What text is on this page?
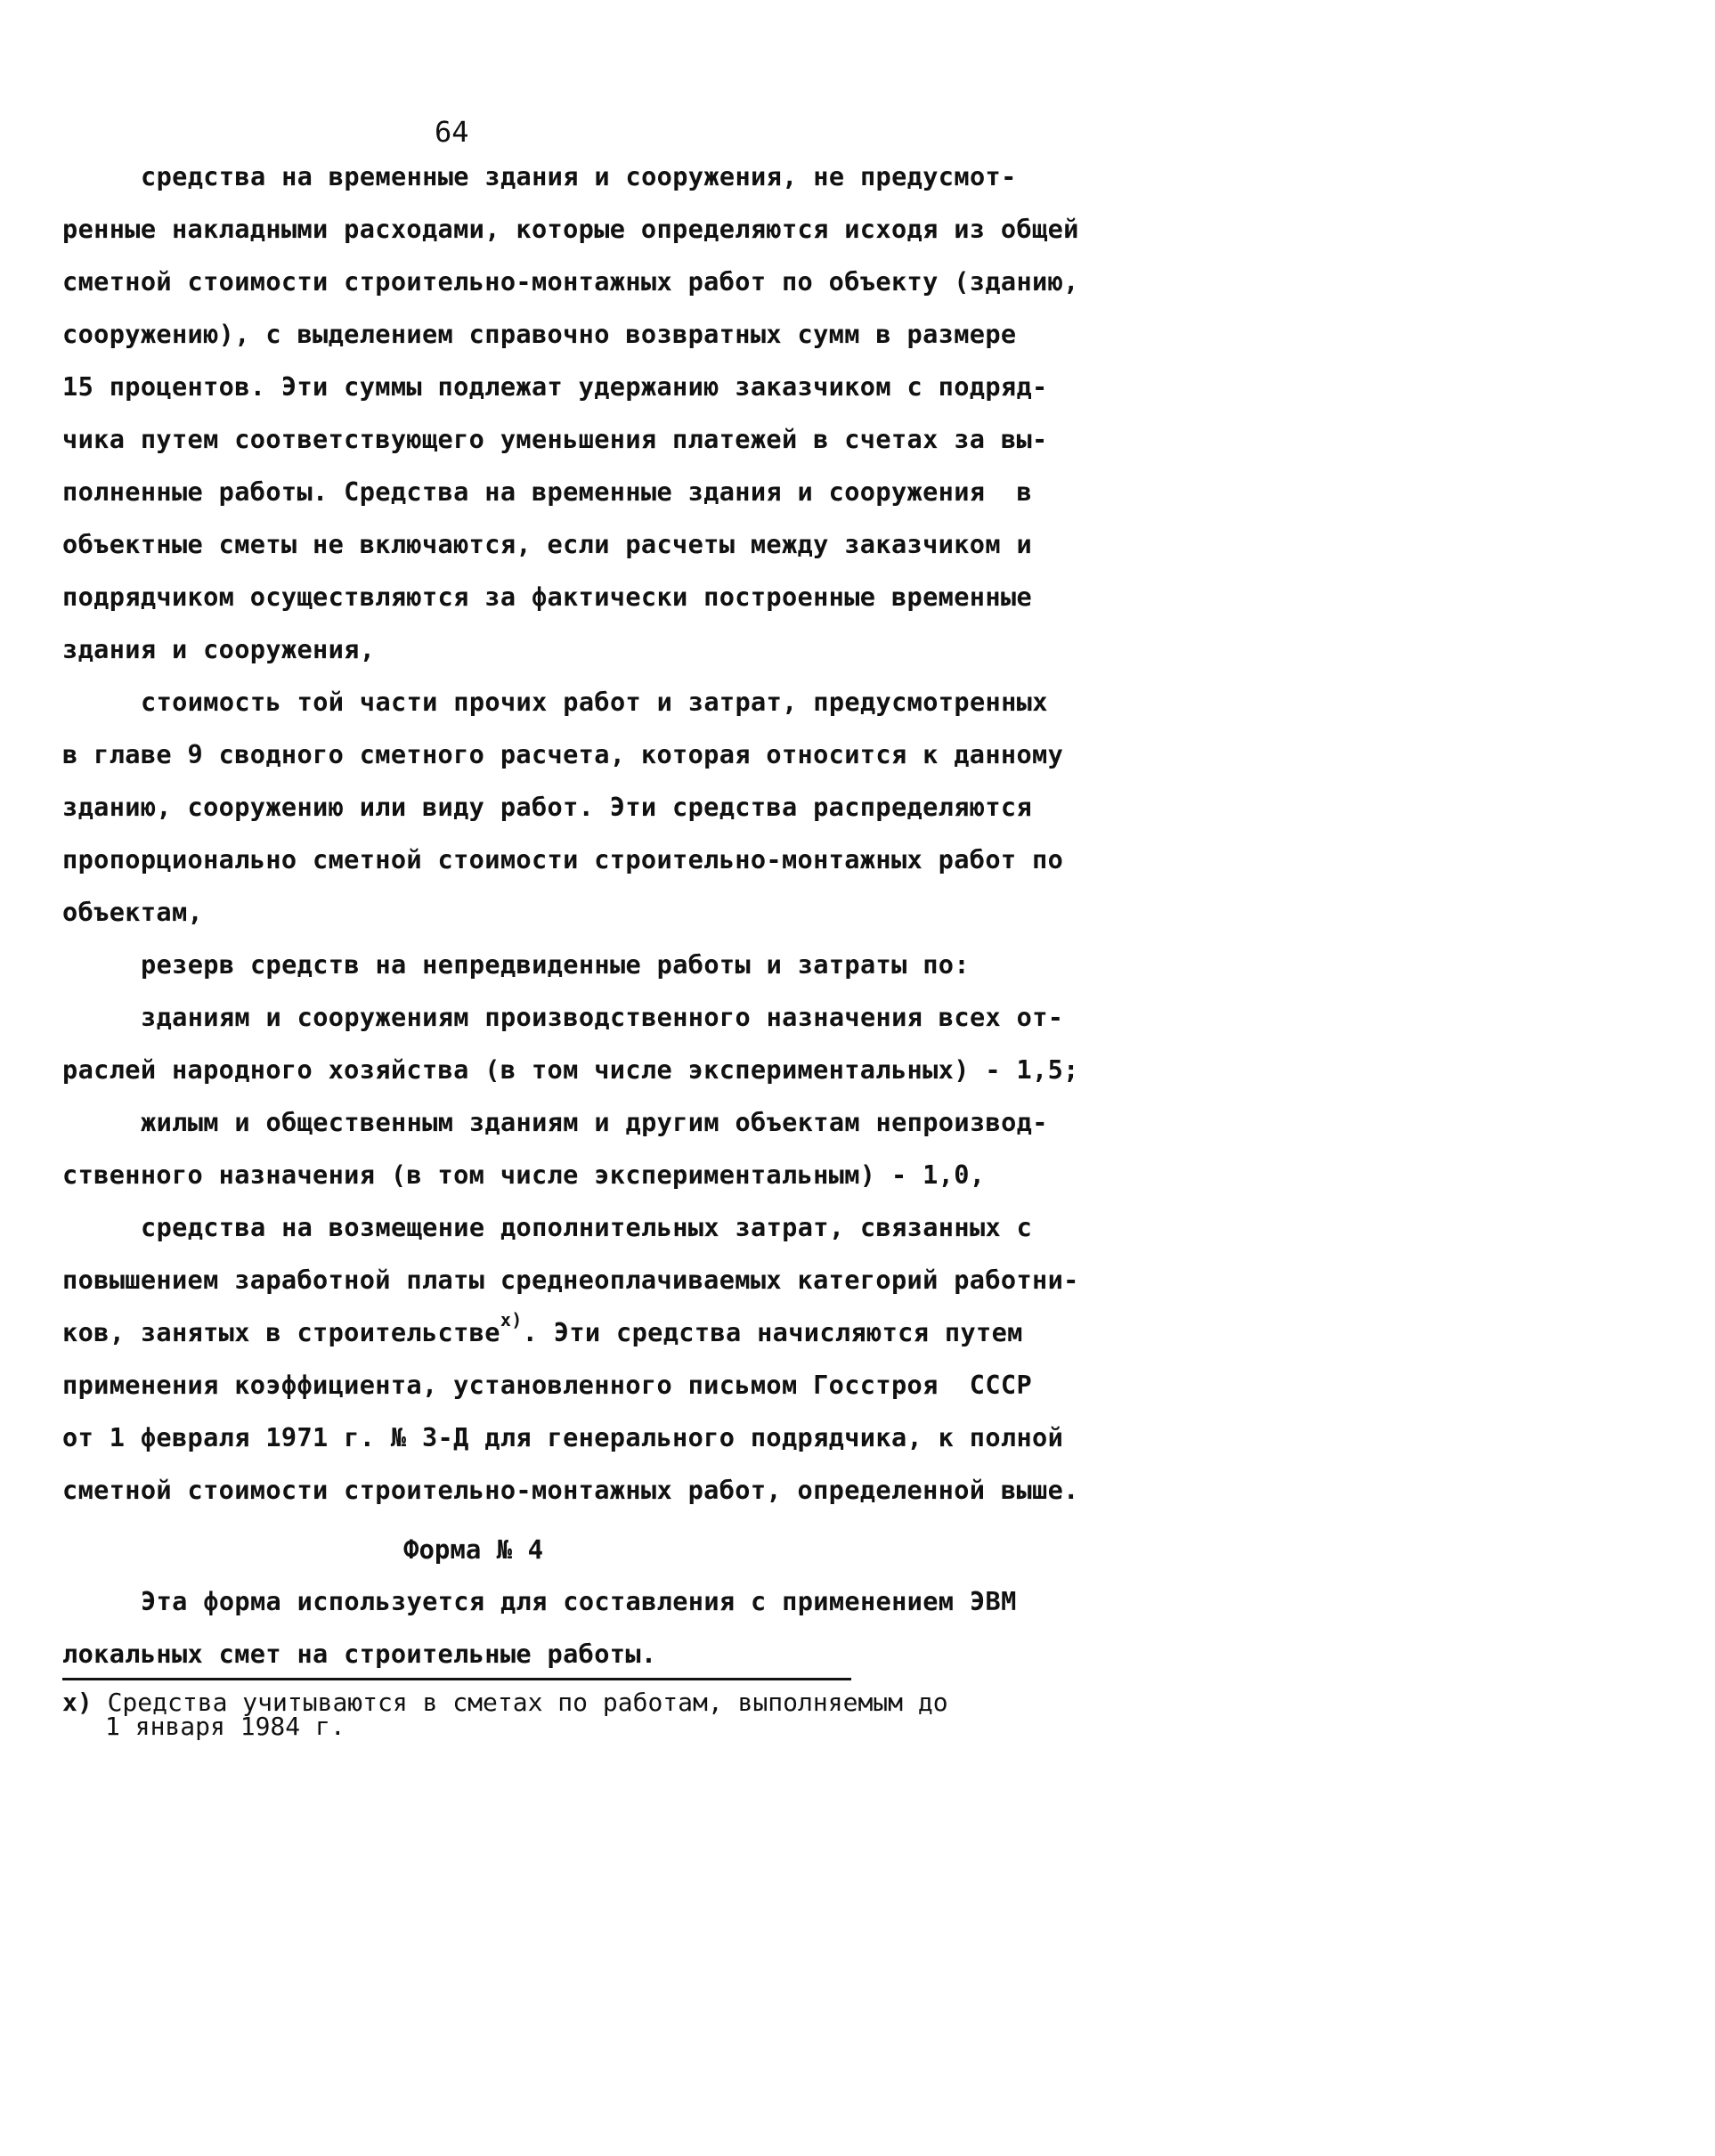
64
средства на временные здания и сооружения, не предусмот-
ренные накладными расходами, которые определяются исходя из общей
сметной стоимости строительно-монтажных работ по объекту (зданию,
сооружению), с выделением справочно возвратных сумм в размере
15 процентов. Эти суммы подлежат удержанию заказчиком с подряд-
чика путем соответствующего уменьшения платежей в счетах за вы-
полненные работы. Средства на временные здания и сооружения  в
объектные сметы не включаются, если расчеты между заказчиком и
подрядчиком осуществляются за фактически построенные временные
здания и сооружения,
стоимость той части прочих работ и затрат, предусмотренных
в главе 9 сводного сметного расчета, которая относится к данному
зданию, сооружению или виду работ. Эти средства распределяются
пропорционально сметной стоимости строительно-монтажных работ по
объектам,
резерв средств на непредвиденные работы и затраты по:
зданиям и сооружениям производственного назначения всех от-
раслей народного хозяйства (в том числе экспериментальных) - 1,5;
жилым и общественным зданиям и другим объектам непроизвод-
ственного назначения (в том числе экспериментальным) - 1,0,
средства на возмещение дополнительных затрат, связанных с
повышением заработной платы среднеоплачиваемых категорий работни-
ков, занятых в строительстве$^{х)}$. Эти средства начисляются путем
применения коэффициента, установленного письмом Госстроя  СССР
от 1 февраля 1971 г. № 3-Д для генерального подрядчика, к полной
сметной стоимости строительно-монтажных работ, определенной выше.
Форма № 4
Эта форма используется для составления с применением ЭВМ
локальных смет на строительные работы.
х) Средства учитываются в сметах по работам, выполняемым до
1 января 1984 г.
